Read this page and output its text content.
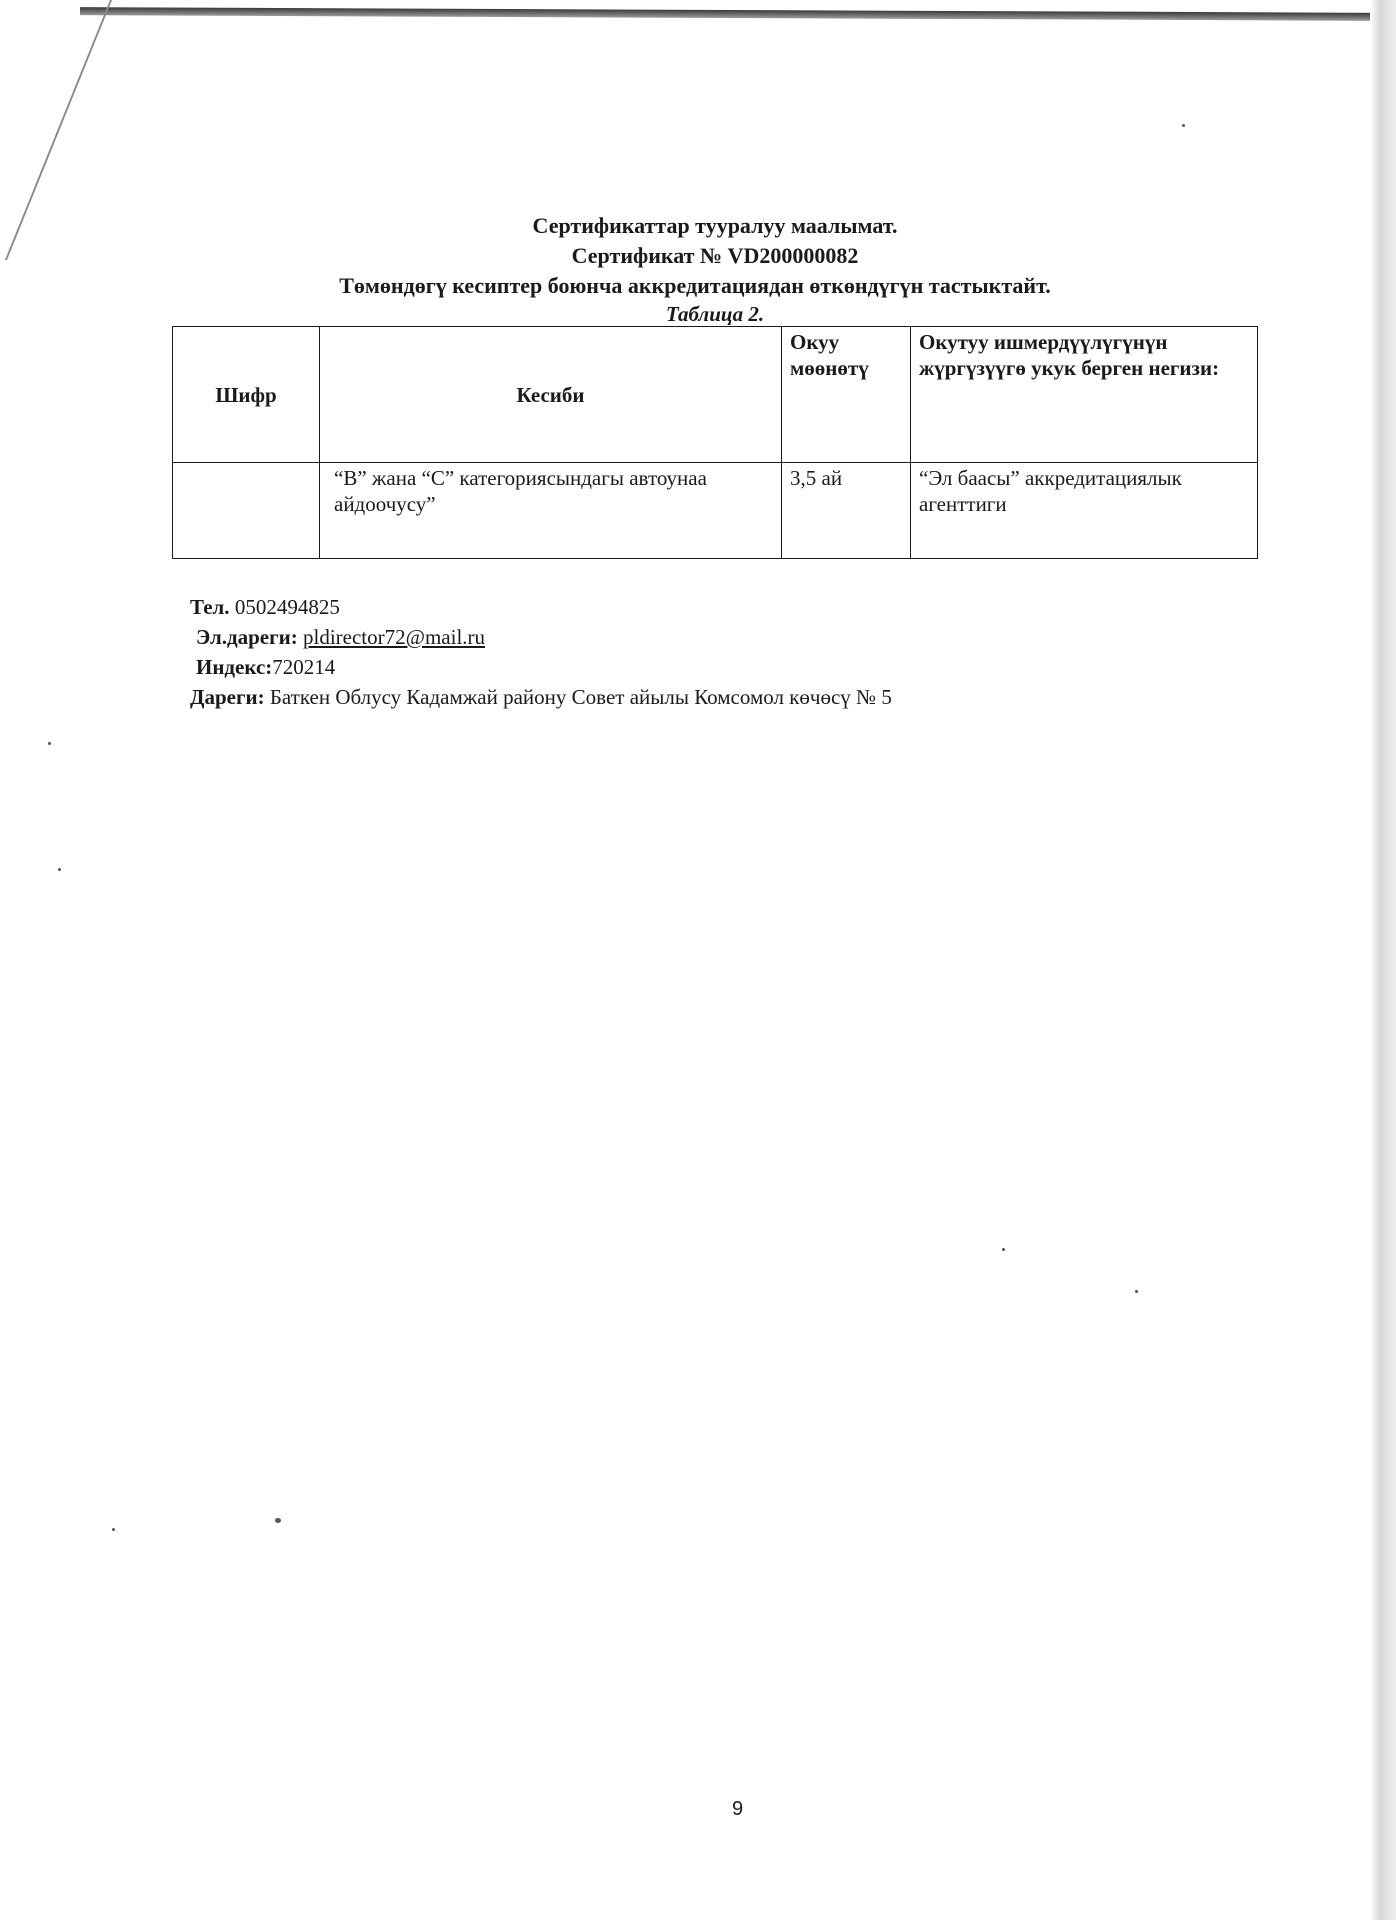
Сертификаттар тууралуу маалымат.
Сертификат № VD200000082
Төмөндөгү кесиптер боюнча аккредитациядан өткөндүгүн тастыктайт.
Таблица 2.
Шифр	Кесиби	Окуу мөөнөтү	Окутуу ишмердүүлүгүнүн жүргүзүүгө укук берген негизи:
	“B” жана “C” категориясындагы автоунаа айдоочусу”	3,5 ай	“Эл баасы” аккредитациялык агенттиги
Тел. 0502494825
Эл.дареги: pldirector72@mail.ru
Индекс:720214
Дареги: Баткен Облусу Кадамжай району Совет айылы Комсомол көчөсү № 5
9
